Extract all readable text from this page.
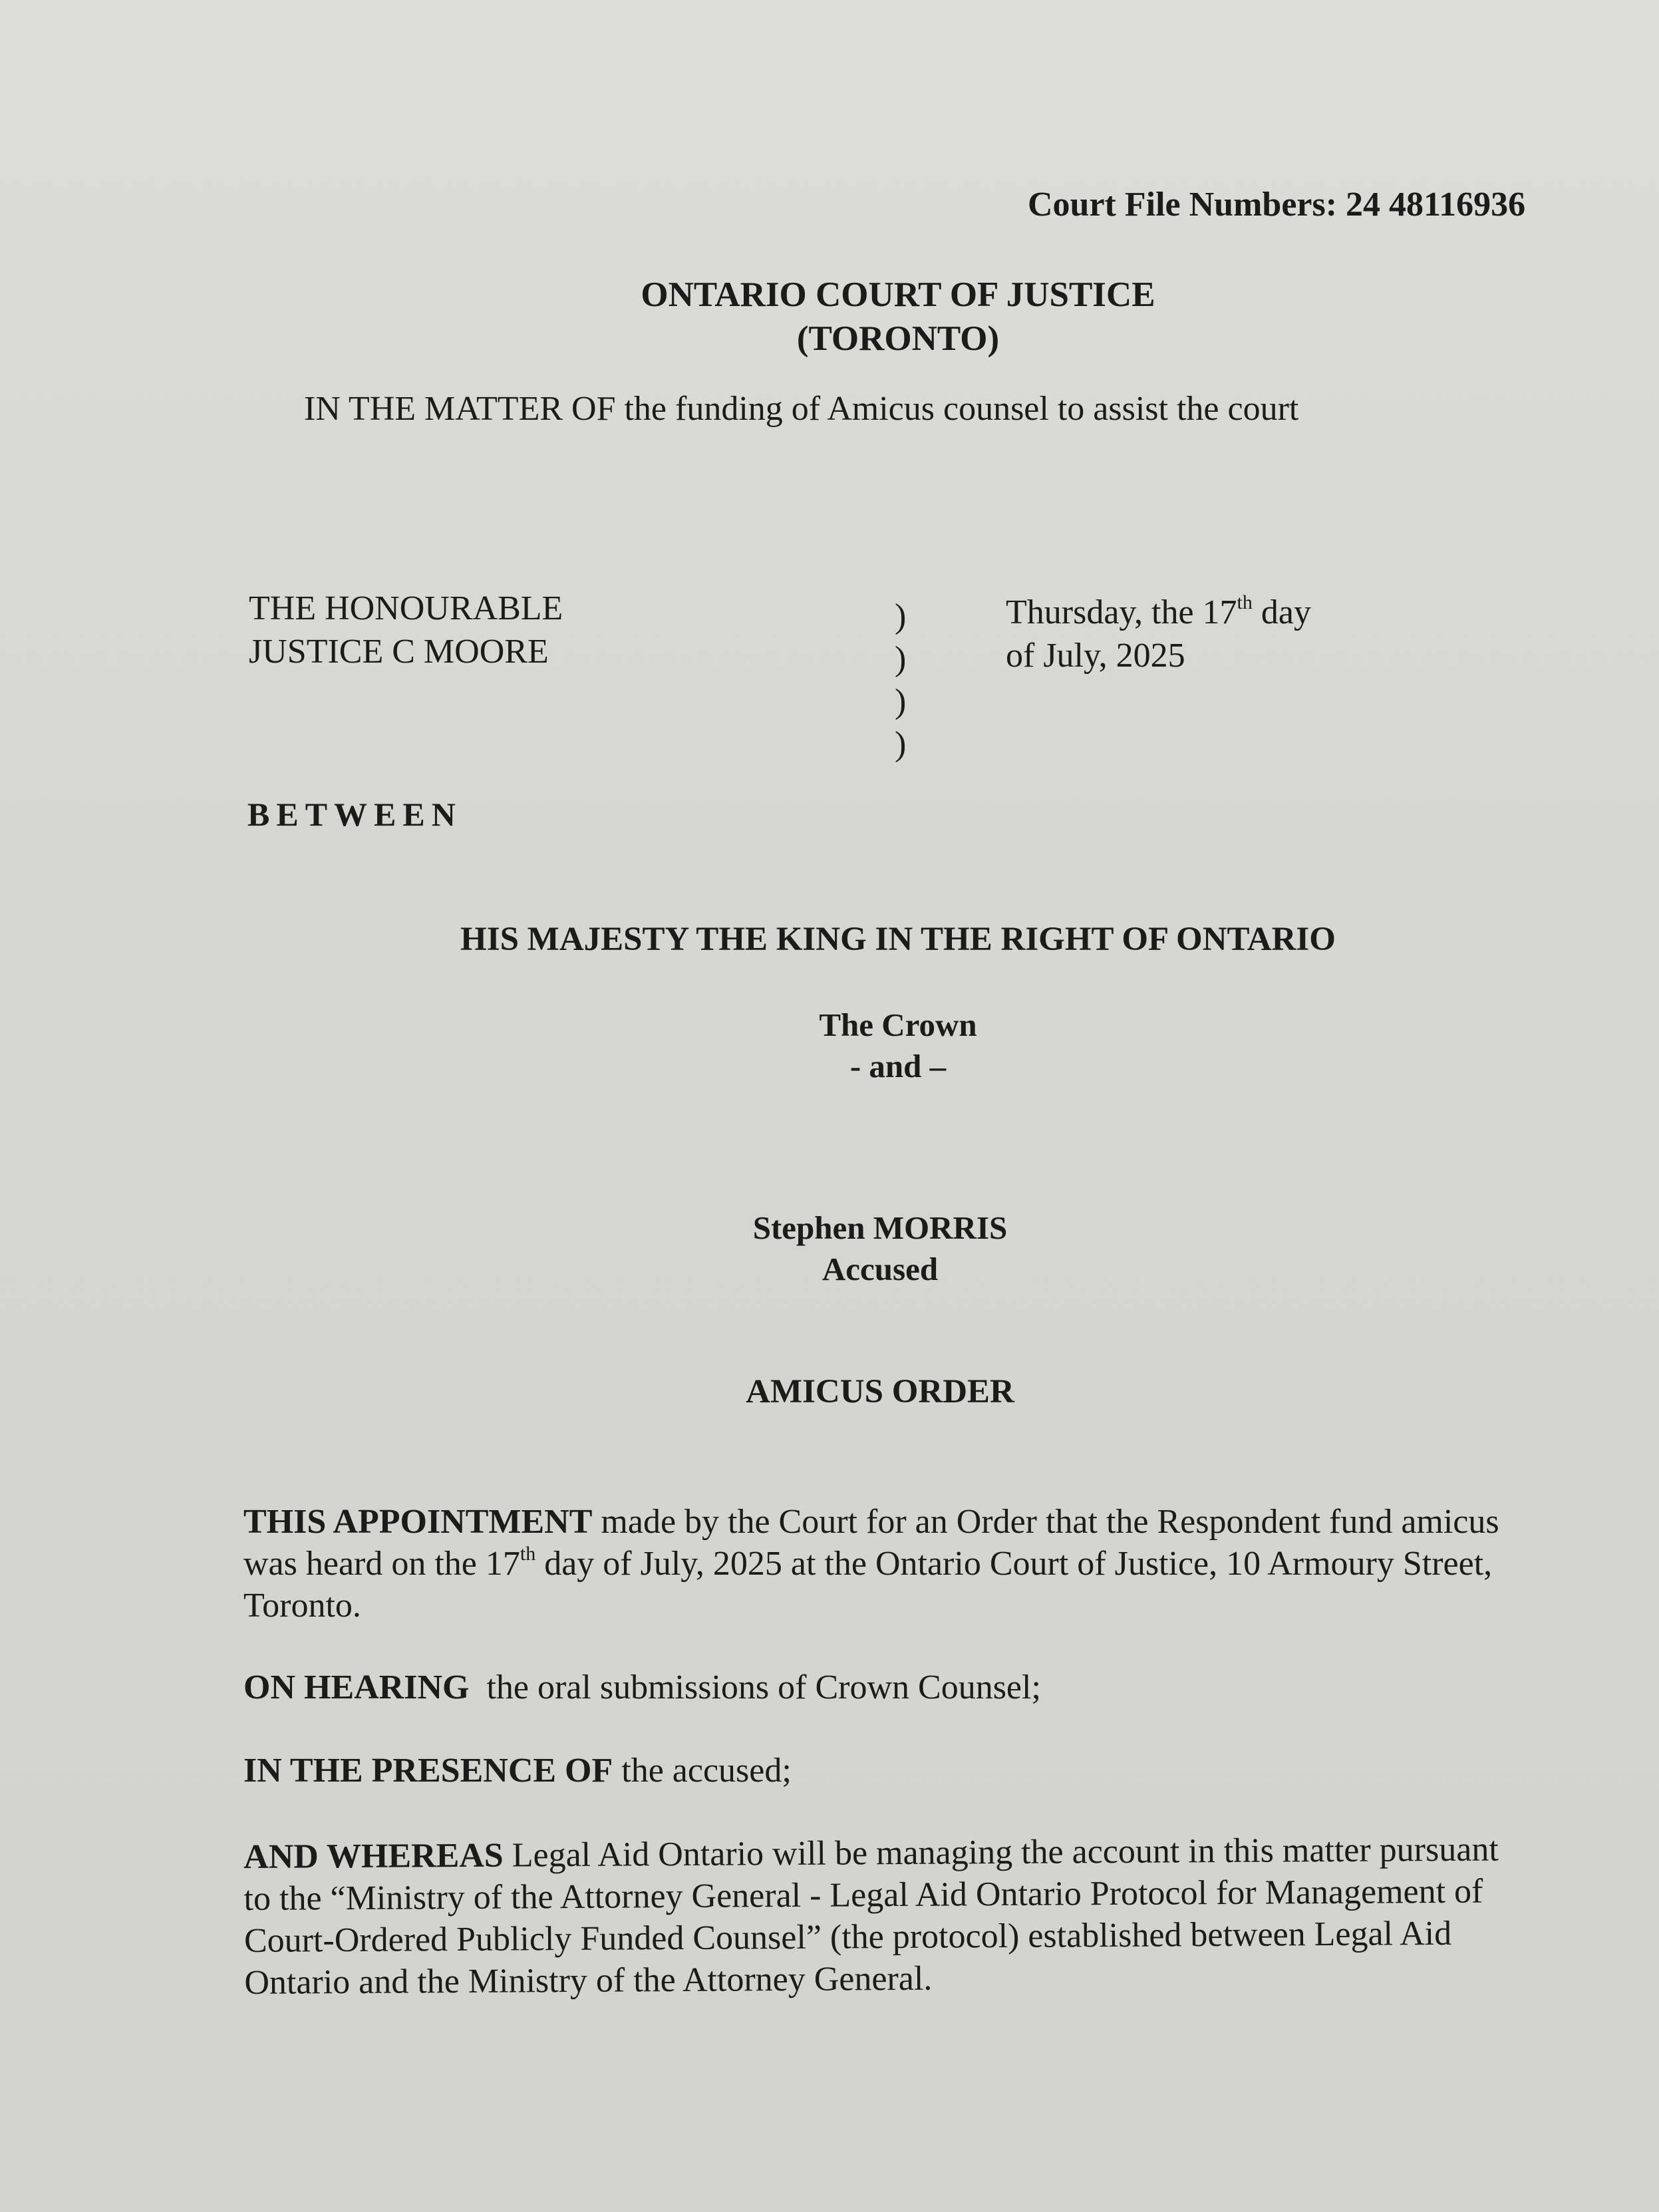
Court File Numbers: 24 48116936
ONTARIO COURT OF JUSTICE
(TORONTO)
IN THE MATTER OF the funding of Amicus counsel to assist the court
THE HONOURABLE
JUSTICE C MOORE
)
)
)
)
Thursday, the 17th day
of July, 2025
BETWEEN
HIS MAJESTY THE KING IN THE RIGHT OF ONTARIO
The Crown
- and –
Stephen MORRIS
Accused
AMICUS ORDER
THIS APPOINTMENT made by the Court for an Order that the Respondent fund amicus was heard on the 17th day of July, 2025 at the Ontario Court of Justice, 10 Armoury Street, Toronto.
ON HEARING  the oral submissions of Crown Counsel;
IN THE PRESENCE OF the accused;
AND WHEREAS Legal Aid Ontario will be managing the account in this matter pursuant to the “Ministry of the Attorney General - Legal Aid Ontario Protocol for Management of Court-Ordered Publicly Funded Counsel” (the protocol) established between Legal Aid Ontario and the Ministry of the Attorney General.
